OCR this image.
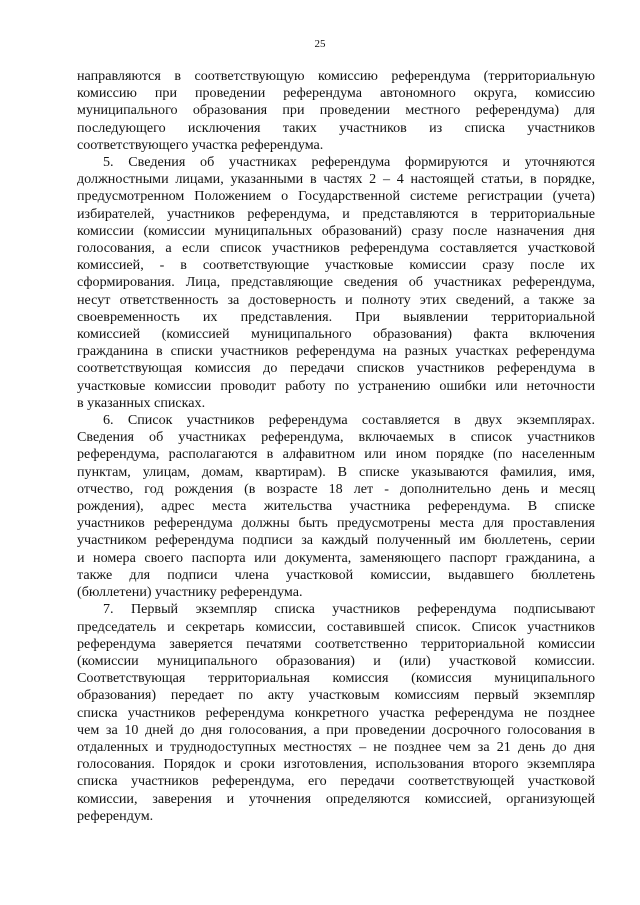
25
направляются в соответствующую комиссию референдума (территориальную
комиссию при проведении референдума автономного округа, комиссию
муниципального образования при проведении местного референдума) для
последующего исключения таких участников из списка участников
соответствующего участка референдума.
5. Сведения об участниках референдума формируются и уточняются
должностными лицами, указанными в частях 2 – 4 настоящей статьи, в порядке,
предусмотренном Положением о Государственной системе регистрации (учета)
избирателей, участников референдума, и представляются в территориальные
комиссии (комиссии муниципальных образований) сразу после назначения дня
голосования, а если список участников референдума составляется участковой
комиссией, - в соответствующие участковые комиссии сразу после их
сформирования. Лица, представляющие сведения об участниках референдума,
несут ответственность за достоверность и полноту этих сведений, а также за
своевременность их представления. При выявлении территориальной
комиссией (комиссией муниципального образования) факта включения
гражданина в списки участников референдума на разных участках референдума
соответствующая комиссия до передачи списков участников референдума в
участковые комиссии проводит работу по устранению ошибки или неточности
в указанных списках.
6. Список участников референдума составляется в двух экземплярах.
Сведения об участниках референдума, включаемых в список участников
референдума, располагаются в алфавитном или ином порядке (по населенным
пунктам, улицам, домам, квартирам). В списке указываются фамилия, имя,
отчество, год рождения (в возрасте 18 лет - дополнительно день и месяц
рождения), адрес места жительства участника референдума. В списке
участников референдума должны быть предусмотрены места для проставления
участником референдума подписи за каждый полученный им бюллетень, серии
и номера своего паспорта или документа, заменяющего паспорт гражданина, а
также для подписи члена участковой комиссии, выдавшего бюллетень
(бюллетени) участнику референдума.
7. Первый экземпляр списка участников референдума подписывают
председатель и секретарь комиссии, составившей список. Список участников
референдума заверяется печатями соответственно территориальной комиссии
(комиссии муниципального образования) и (или) участковой комиссии.
Соответствующая территориальная комиссия (комиссия муниципального
образования) передает по акту участковым комиссиям первый экземпляр
списка участников референдума конкретного участка референдума не позднее
чем за 10 дней до дня голосования, а при проведении досрочного голосования в
отдаленных и труднодоступных местностях – не позднее чем за 21 день до дня
голосования. Порядок и сроки изготовления, использования второго экземпляра
списка участников референдума, его передачи соответствующей участковой
комиссии, заверения и уточнения определяются комиссией, организующей
референдум.
